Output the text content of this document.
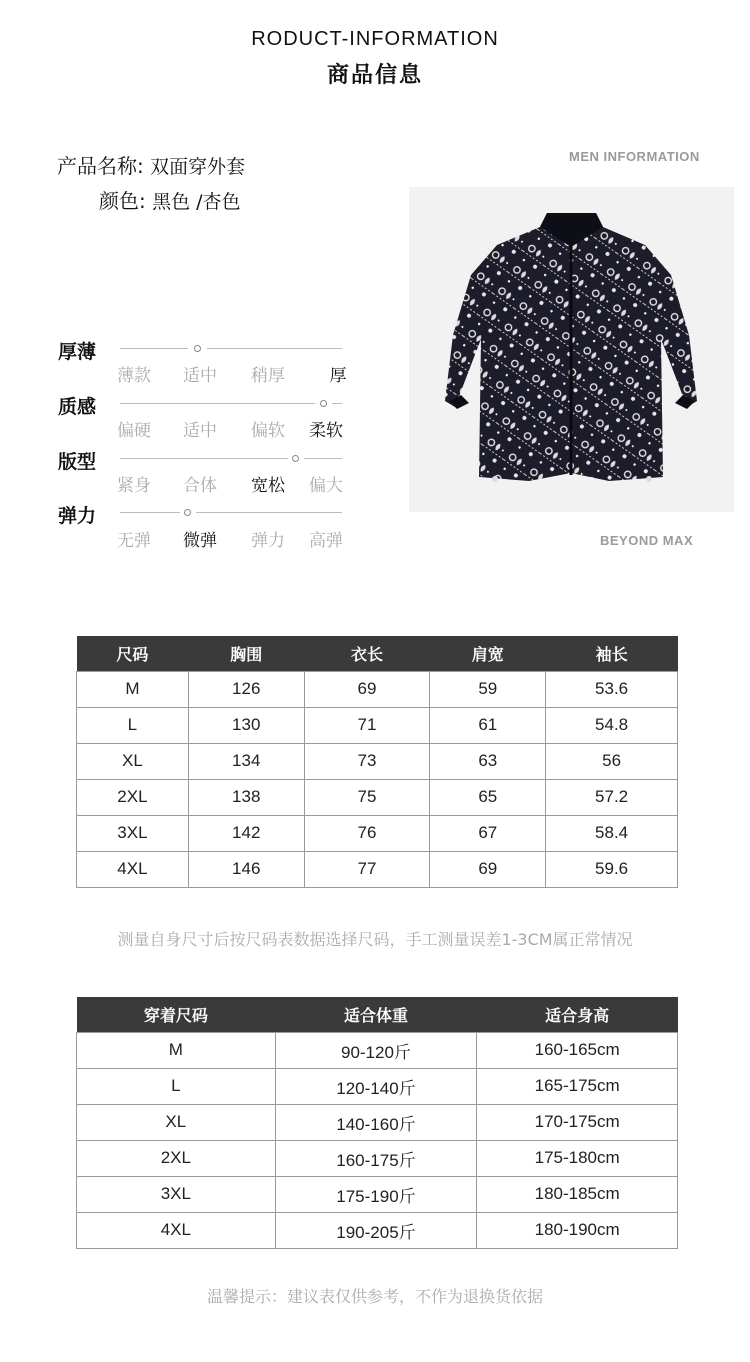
RODUCT-INFORMATION
商品信息
产品名称: 双面穿外套
颜色: 黑色 /杏色
MEN INFORMATION
BEYOND MAX
厚薄
薄款	适中	稍厚	厚
质感
偏硬	适中	偏软	柔软
版型
紧身	合体	宽松	偏大
弹力
无弹	微弹	弹力	高弹
尺码	胸围	衣长	肩宽	袖长
M	126	69	59	53.6
L	130	71	61	54.8
XL	134	73	63	56
2XL	138	75	65	57.2
3XL	142	76	67	58.4
4XL	146	77	69	59.6
测量自身尺寸后按尺码表数据选择尺码，手工测量误差1-3CM属正常情况
穿着尺码	适合体重	适合身高
M	90-120斤	160-165cm
L	120-140斤	165-175cm
XL	140-160斤	170-175cm
2XL	160-175斤	175-180cm
3XL	175-190斤	180-185cm
4XL	190-205斤	180-190cm
温馨提示：建议表仅供参考，不作为退换货依据
